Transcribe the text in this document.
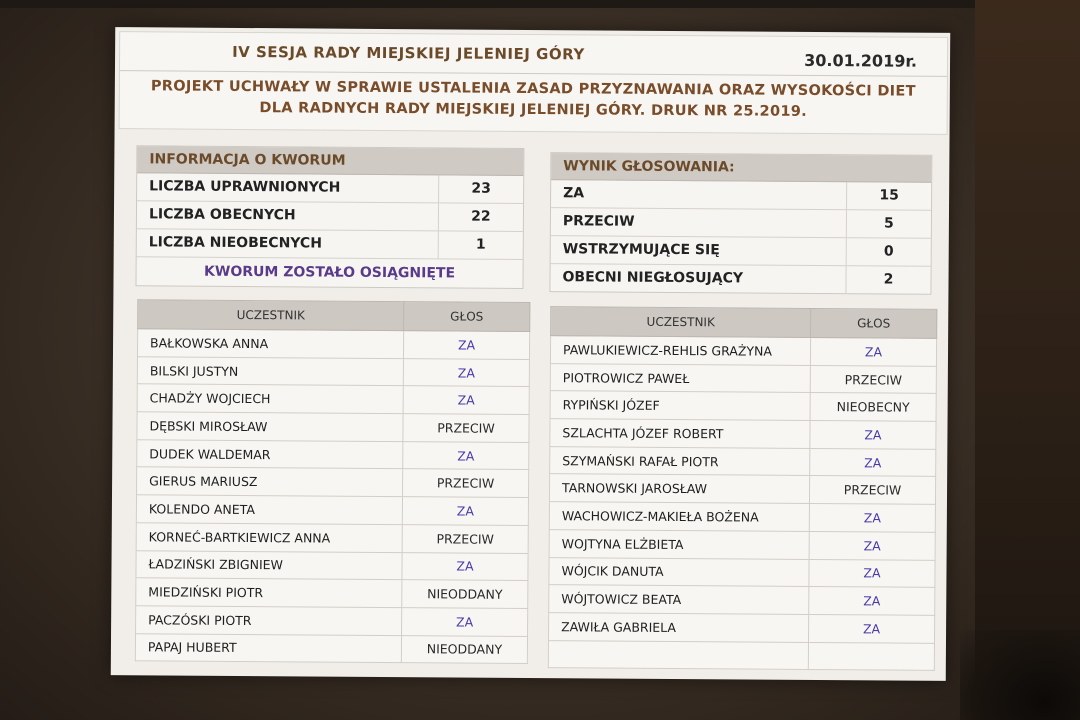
IV SESJA RADY MIEJSKIEJ JELENIEJ GÓRY	30.01.2019r.
PROJEKT UCHWAŁY W SPRAWIE USTALENIA ZASAD PRZYZNAWANIA ORAZ WYSOKOŚCI DIET
DLA RADNYCH RADY MIEJSKIEJ JELENIEJ GÓRY. DRUK NR 25.2019.
INFORMACJA O KWORUM
LICZBA UPRAWNIONYCH	23
LICZBA OBECNYCH	22
LICZBA NIEOBECNYCH	1
KWORUM ZOSTAŁO OSIĄGNIĘTE
WYNIK GŁOSOWANIA:
ZA	15
PRZECIW	5
WSTRZYMUJĄCE SIĘ	0
OBECNI NIEGŁOSUJĄCY	2
UCZESTNIK	GŁOS
BAŁKOWSKA ANNA	ZA
BILSKI JUSTYN	ZA
CHADŻY WOJCIECH	ZA
DĘBSKI MIROSŁAW	PRZECIW
DUDEK WALDEMAR	ZA
GIERUS MARIUSZ	PRZECIW
KOLENDO ANETA	ZA
KORNEĆ-BARTKIEWICZ ANNA	PRZECIW
ŁADZIŃSKI ZBIGNIEW	ZA
MIEDZIŃSKI PIOTR	NIEODDANY
PACZÓSKI PIOTR	ZA
PAPAJ HUBERT	NIEODDANY
UCZESTNIK	GŁOS
PAWLUKIEWICZ-REHLIS GRAŻYNA	ZA
PIOTROWICZ PAWEŁ	PRZECIW
RYPIŃSKI JÓZEF	NIEOBECNY
SZLACHTA JÓZEF ROBERT	ZA
SZYMAŃSKI RAFAŁ PIOTR	ZA
TARNOWSKI JAROSŁAW	PRZECIW
WACHOWICZ-MAKIEŁA BOŻENA	ZA
WOJTYNA ELŻBIETA	ZA
WÓJCIK DANUTA	ZA
WÓJTOWICZ BEATA	ZA
ZAWIŁA GABRIELA	ZA
